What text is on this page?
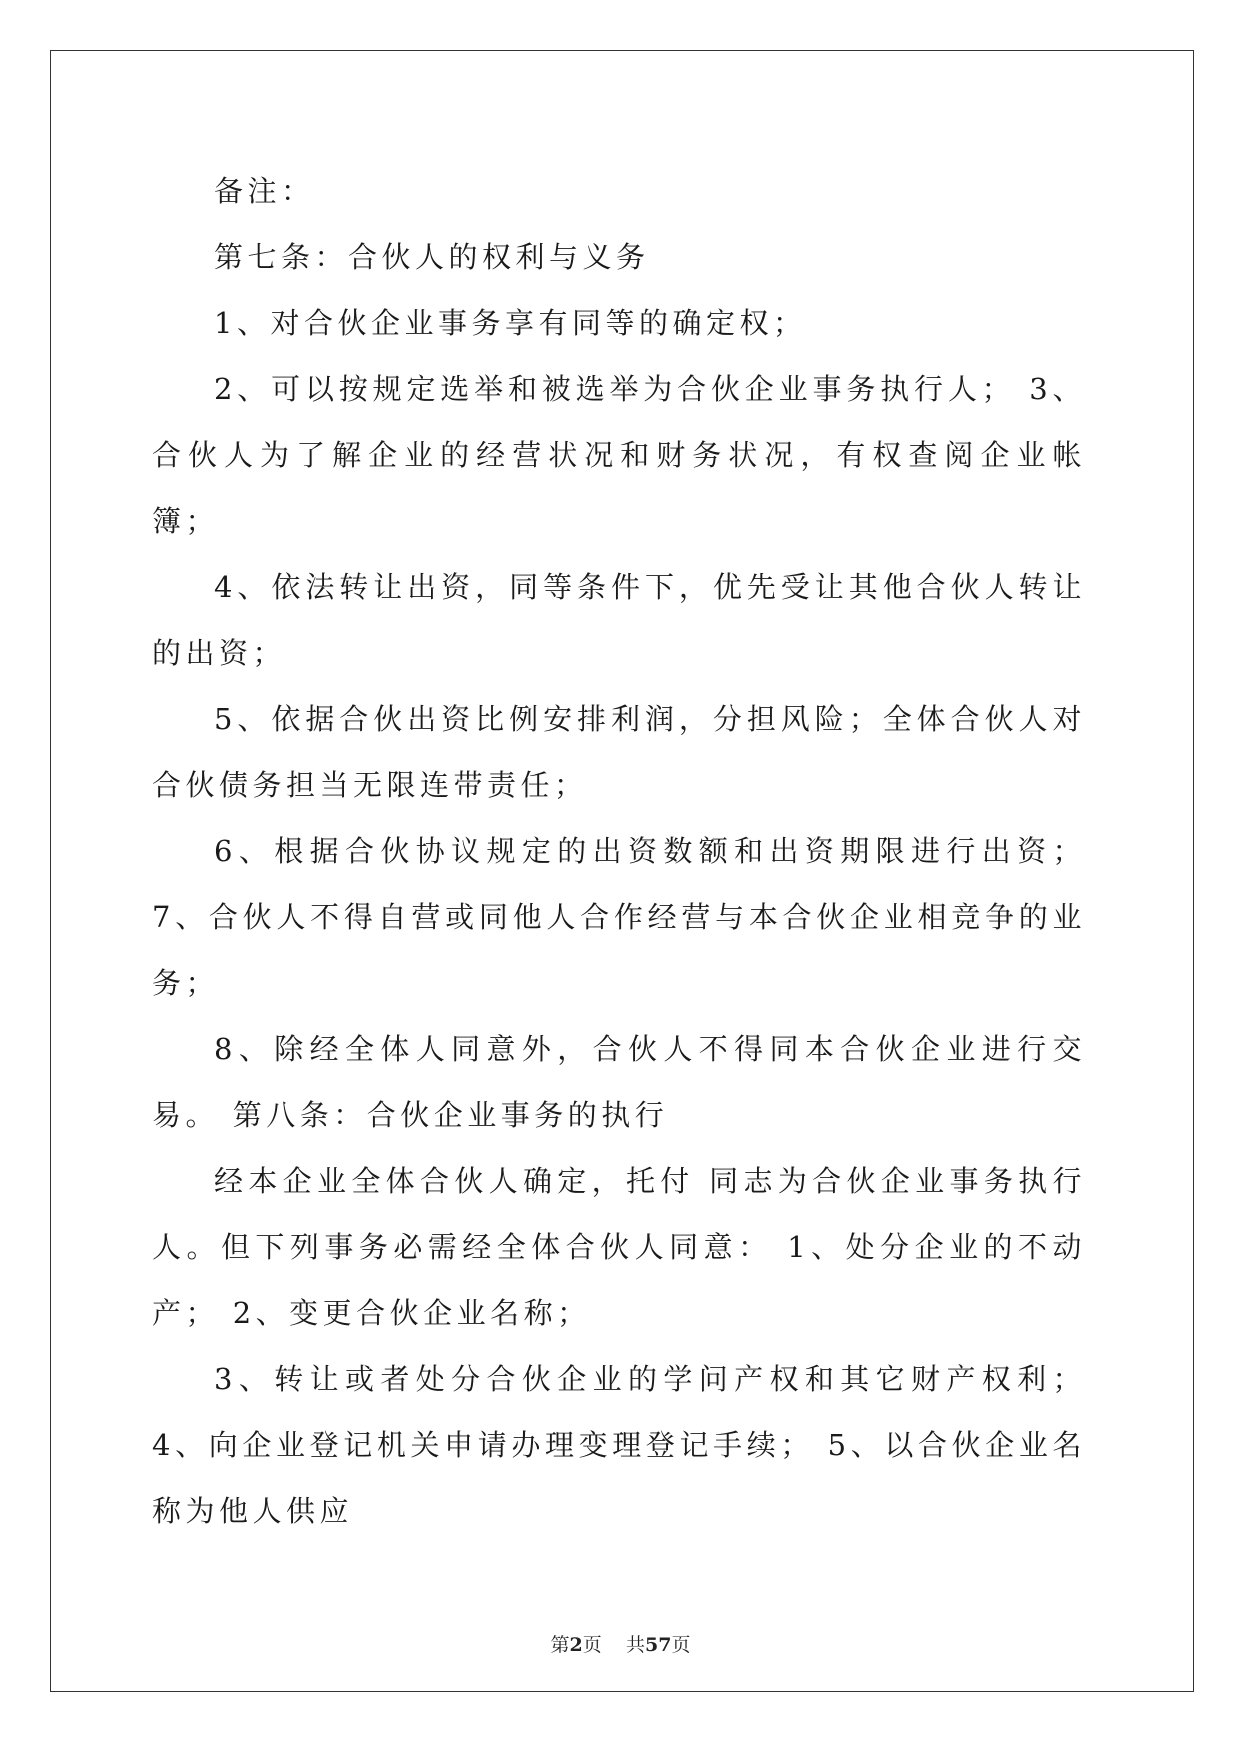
备注：

第七条：合伙人的权利与义务

1、对合伙企业事务享有同等的确定权；

2、可以按规定选举和被选举为合伙企业事务执行人； 3、合伙人为了解企业的经营状况和财务状况，有权查阅企业帐簿；

4、依法转让出资，同等条件下，优先受让其他合伙人转让的出资；

5、依据合伙出资比例安排利润，分担风险；全体合伙人对合伙债务担当无限连带责任；

6、根据合伙协议规定的出资数额和出资期限进行出资； 7、合伙人不得自营或同他人合作经营与本合伙企业相竞争的业务；

8、除经全体人同意外，合伙人不得同本合伙企业进行交易。 第八条：合伙企业事务的执行

经本企业全体合伙人确定，托付 同志为合伙企业事务执行人。但下列事务必需经全体合伙人同意： 1、处分企业的不动产； 2、变更合伙企业名称；

3、转让或者处分合伙企业的学问产权和其它财产权利； 4、向企业登记机关申请办理变理登记手续； 5、以合伙企业名称为他人供应

第2页 共57页
